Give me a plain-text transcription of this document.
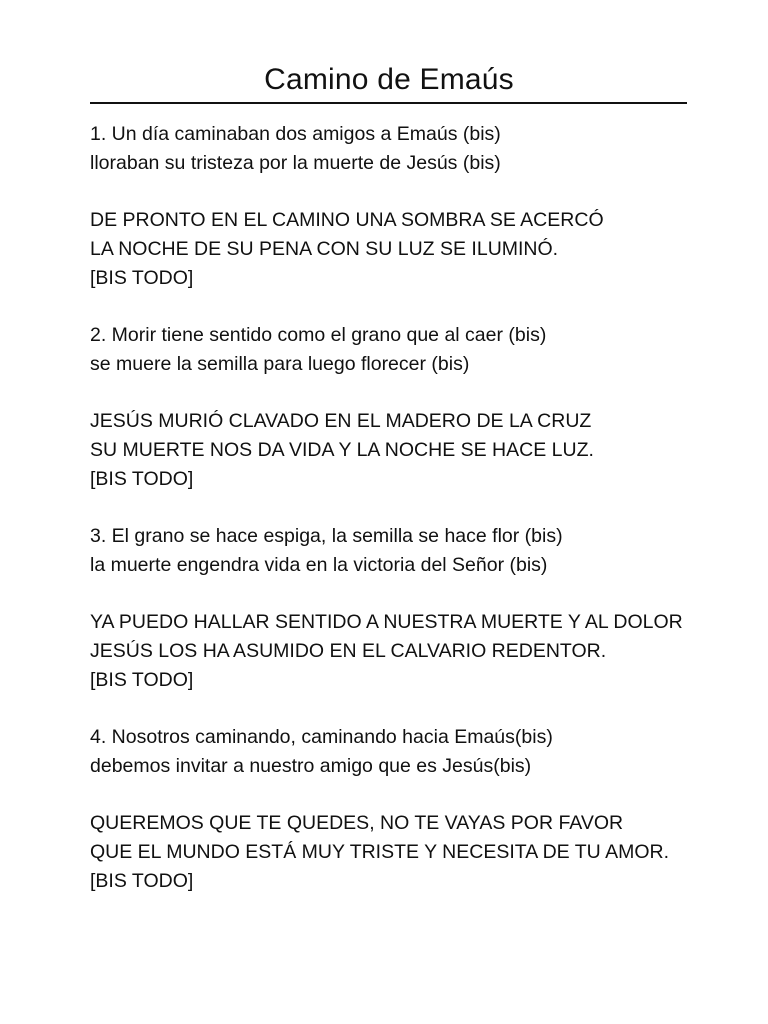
Camino de Emaús
1. Un día caminaban dos amigos a Emaús (bis)
lloraban su tristeza por la muerte de Jesús (bis)
DE PRONTO EN EL CAMINO UNA SOMBRA SE ACERCÓ
LA NOCHE DE SU PENA CON SU LUZ SE ILUMINÓ.
[BIS TODO]
2. Morir tiene sentido como el grano que al caer (bis)
se muere la semilla para luego florecer (bis)
JESÚS MURIÓ CLAVADO EN EL MADERO DE LA CRUZ
SU MUERTE NOS DA VIDA Y LA NOCHE SE HACE LUZ.
[BIS TODO]
3. El grano se hace espiga, la semilla se hace flor (bis)
la muerte engendra vida en la victoria del Señor (bis)
YA PUEDO HALLAR SENTIDO A NUESTRA MUERTE Y AL DOLOR
JESÚS LOS HA ASUMIDO EN EL CALVARIO REDENTOR.
[BIS TODO]
4. Nosotros caminando, caminando hacia Emaús(bis)
debemos invitar a nuestro amigo que es Jesús(bis)
QUEREMOS QUE TE QUEDES, NO TE VAYAS POR FAVOR
QUE EL MUNDO ESTÁ MUY TRISTE Y NECESITA DE TU AMOR.
[BIS TODO]
